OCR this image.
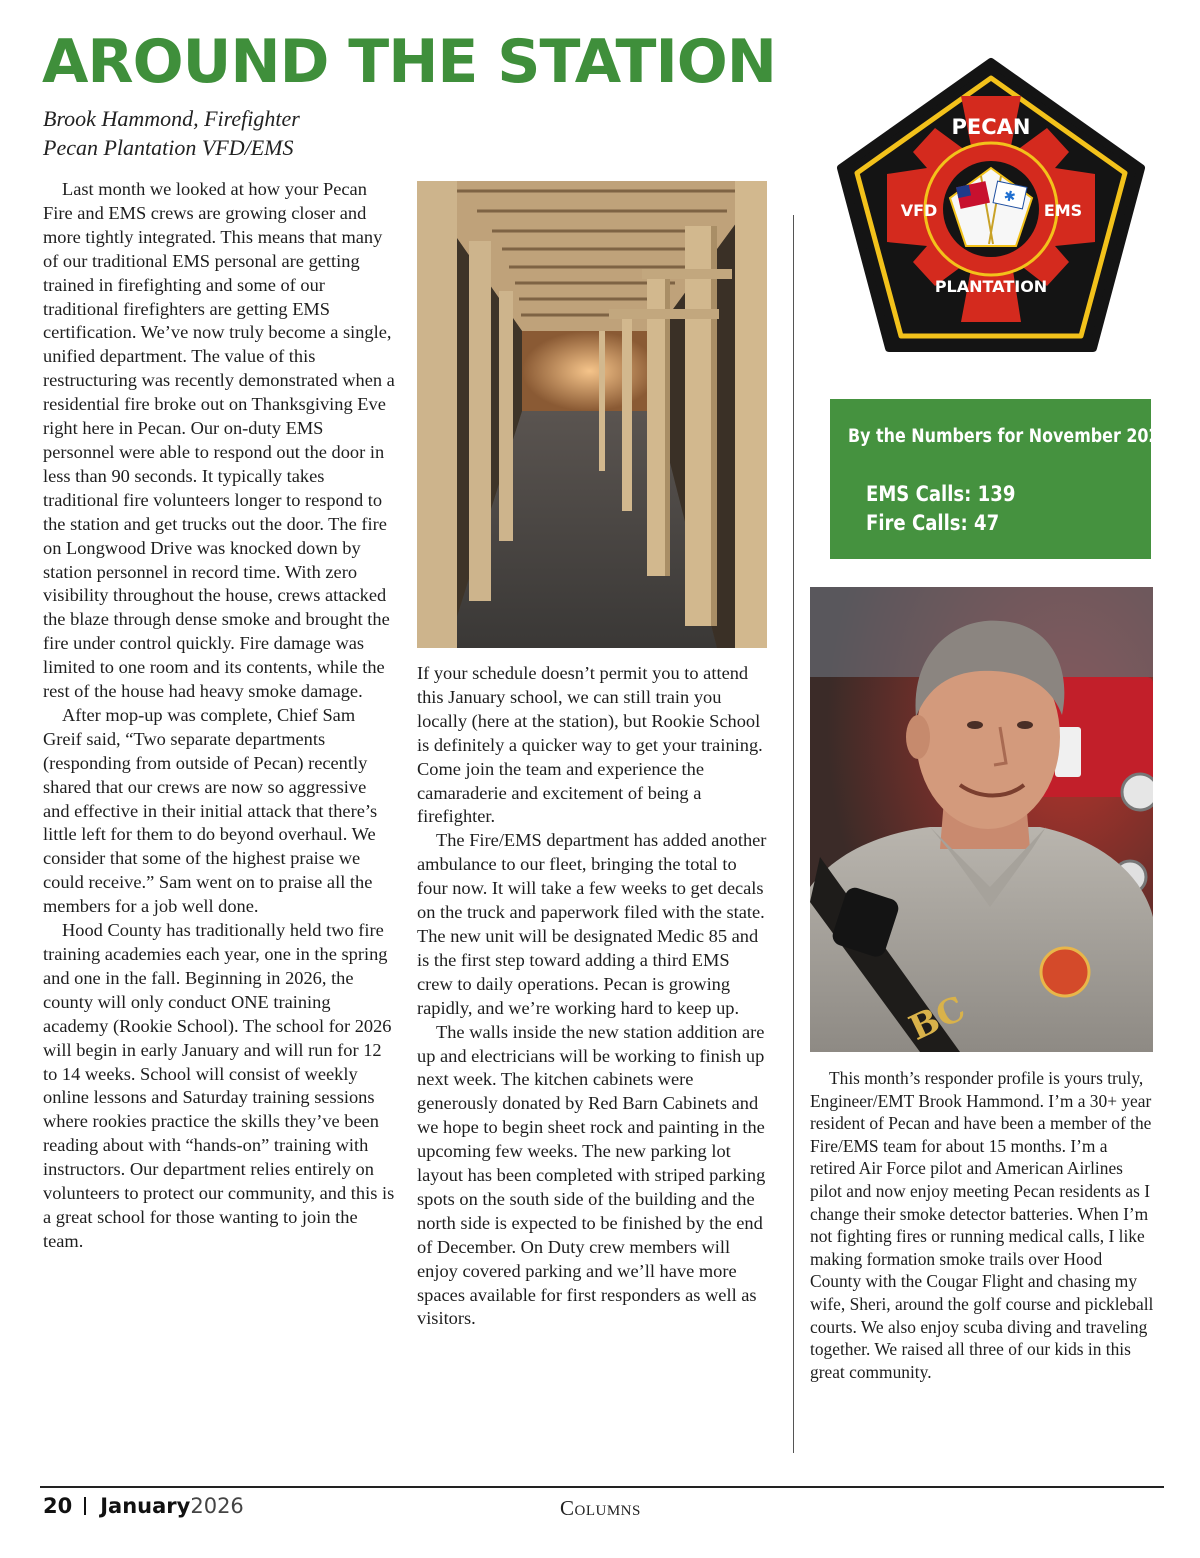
AROUND THE STATION
Brook Hammond, Firefighter
Pecan Plantation VFD/EMS

Last month we looked at how your Pecan Fire and EMS crews are growing closer and more tightly integrated. This means that many of our traditional EMS personal are getting trained in firefighting and some of our traditional firefighters are getting EMS certification. We’ve now truly become a single, unified department. The value of this restructuring was recently demonstrated when a residential fire broke out on Thanksgiving Eve right here in Pecan. Our on-duty EMS personnel were able to respond out the door in less than 90 seconds. It typically takes traditional fire volunteers longer to respond to the station and get trucks out the door. The fire on Longwood Drive was knocked down by station personnel in record time. With zero visibility throughout the house, crews attacked the blaze through dense smoke and brought the fire under control quickly. Fire damage was limited to one room and its contents, while the rest of the house had heavy smoke damage.

After mop-up was complete, Chief Sam Greif said, “Two separate departments (responding from outside of Pecan) recently shared that our crews are now so aggressive and effective in their initial attack that there’s little left for them to do beyond overhaul. We consider that some of the highest praise we could receive.” Sam went on to praise all the members for a job well done.

Hood County has traditionally held two fire training academies each year, one in the spring and one in the fall. Beginning in 2026, the county will only conduct ONE training academy (Rookie School). The school for 2026 will begin in early January and will run for 12 to 14 weeks. School will consist of weekly online lessons and Saturday training sessions where rookies practice the skills they’ve been reading about with “hands-on” training with instructors. Our department relies entirely on volunteers to protect our community, and this is a great school for those wanting to join the team.

If your schedule doesn’t permit you to attend this January school, we can still train you locally (here at the station), but Rookie School is definitely a quicker way to get your training. Come join the team and experience the camaraderie and excitement of being a firefighter.

The Fire/EMS department has added another ambulance to our fleet, bringing the total to four now. It will take a few weeks to get decals on the truck and paperwork filed with the state. The new unit will be designated Medic 85 and is the first step toward adding a third EMS crew to daily operations. Pecan is growing rapidly, and we’re working hard to keep up.

The walls inside the new station addition are up and electricians will be working to finish up next week. The kitchen cabinets were generously donated by Red Barn Cabinets and we hope to begin sheet rock and painting in the upcoming few weeks. The new parking lot layout has been completed with striped parking spots on the south side of the building and the north side is expected to be finished by the end of December. On Duty crew members will enjoy covered parking and we’ll have more spaces available for first responders as well as visitors.

✱
PECAN
VFD	EMS
PLANTATION
By the Numbers for November 2025
EMS Calls: 139
Fire Calls: 47
BC

This month’s responder profile is yours truly, Engineer/EMT Brook Hammond. I’m a 30+ year resident of Pecan and have been a member of the Fire/EMS team for about 15 months. I’m a retired Air Force pilot and American Airlines pilot and now enjoy meeting Pecan residents as I change their smoke detector batteries. When I’m not fighting fires or running medical calls, I like making formation smoke trails over Hood County with the Cougar Flight and chasing my wife, Sheri, around the golf course and pickleball courts. We also enjoy scuba diving and traveling together. We raised all three of our kids in this great community.

20 January2026	Columns
